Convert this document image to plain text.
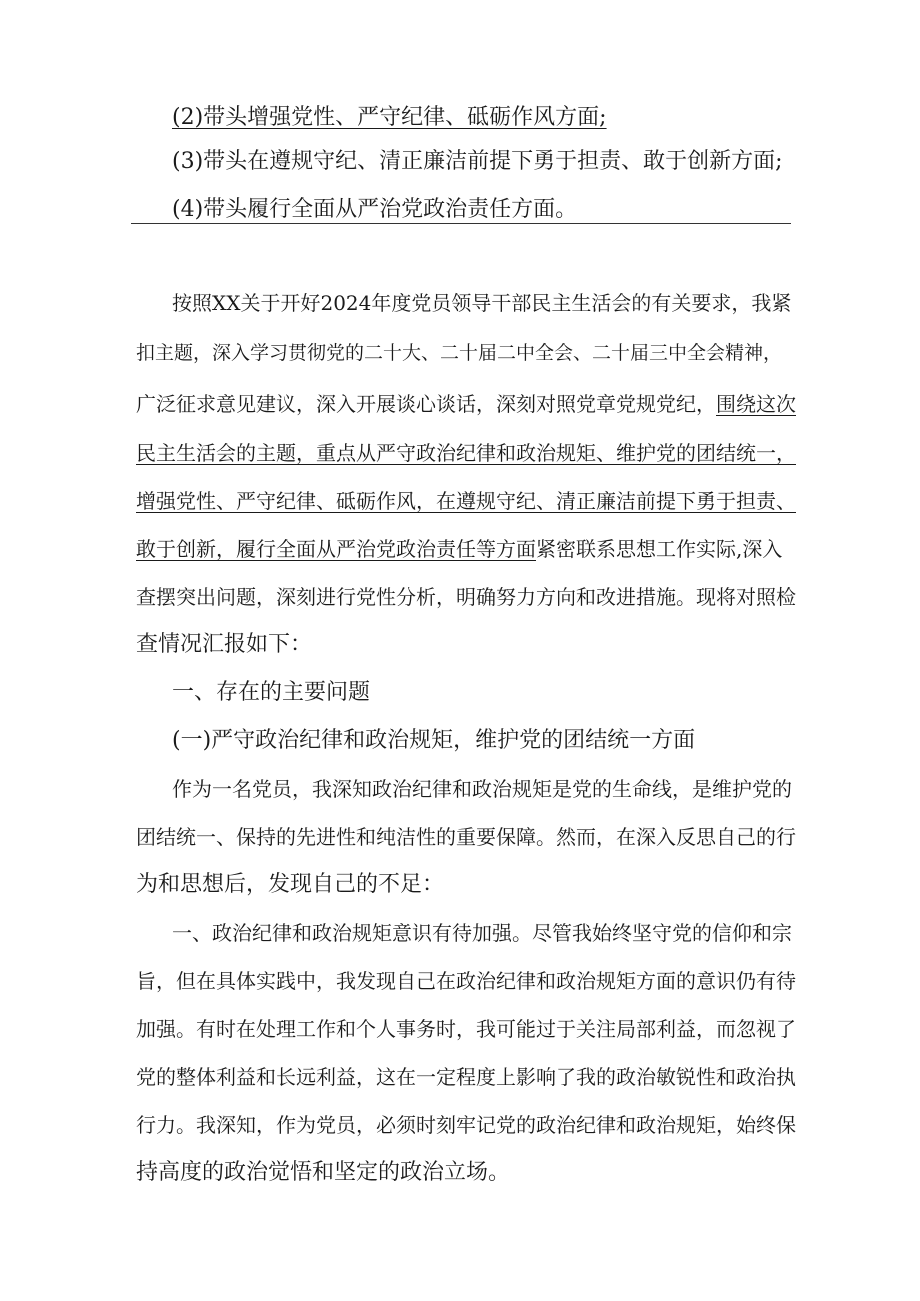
(2)带头增强党性、严守纪律、砥砺作风方面;
(3)带头在遵规守纪、清正廉洁前提下勇于担责、敢于创新方面;
(4)带头履行全面从严治党政治责任方面。
按照XX关于开好2024年度党员领导干部民主生活会的有关要求，我紧
扣主题，深入学习贯彻党的二十大、二十届二中全会、二十届三中全会精神，
广泛征求意见建议，深入开展谈心谈话，深刻对照党章党规党纪，围绕这次
民主生活会的主题，重点从严守政治纪律和政治规矩、维护党的团结统一，
增强党性、严守纪律、砥砺作风，在遵规守纪、清正廉洁前提下勇于担责、
敢于创新，履行全面从严治党政治责任等方面紧密联系思想工作实际,深入
查摆突出问题，深刻进行党性分析，明确努力方向和改进措施。现将对照检
查情况汇报如下：
一、存在的主要问题
(一)严守政治纪律和政治规矩，维护党的团结统一方面
作为一名党员，我深知政治纪律和政治规矩是党的生命线，是维护党的
团结统一、保持的先进性和纯洁性的重要保障。然而，在深入反思自己的行
为和思想后，发现自己的不足：
一、政治纪律和政治规矩意识有待加强。尽管我始终坚守党的信仰和宗
旨，但在具体实践中，我发现自己在政治纪律和政治规矩方面的意识仍有待
加强。有时在处理工作和个人事务时，我可能过于关注局部利益，而忽视了
党的整体利益和长远利益，这在一定程度上影响了我的政治敏锐性和政治执
行力。我深知，作为党员，必须时刻牢记党的政治纪律和政治规矩，始终保
持高度的政治觉悟和坚定的政治立场。
